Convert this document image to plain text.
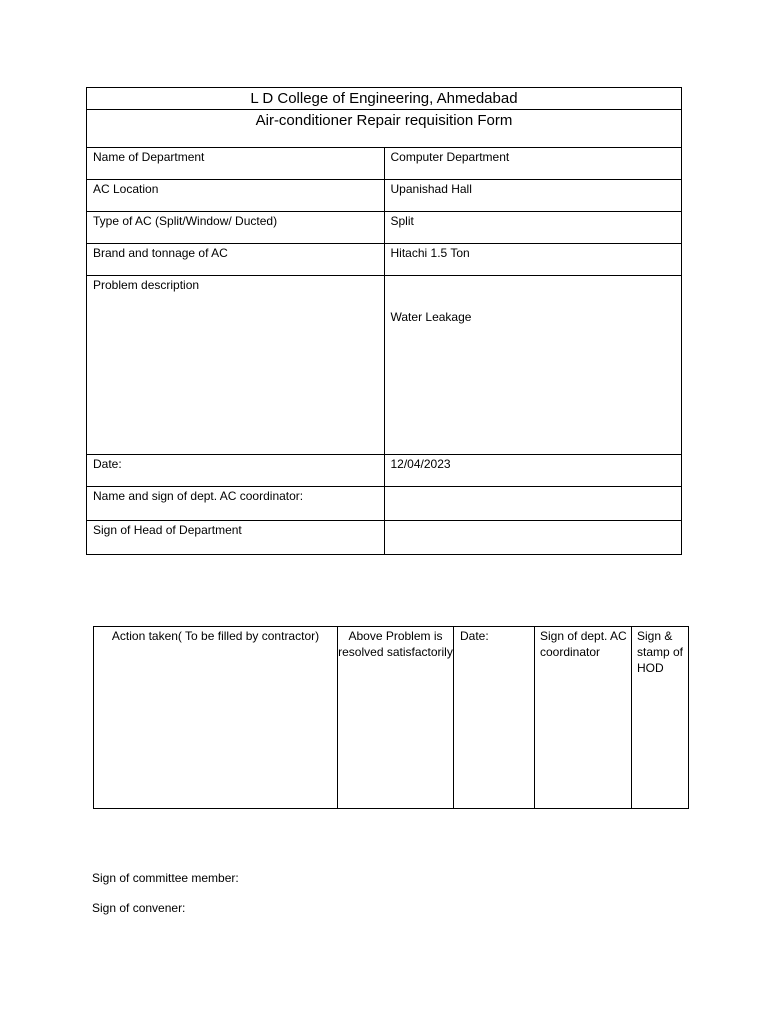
L D College of Engineering, Ahmedabad	
Air-conditioner Repair requisition Form	
Name of Department	Computer Department
AC Location	Upanishad Hall
Type of AC (Split/Window/ Ducted)	Split
Brand and tonnage of AC	Hitachi 1.5 Ton
Problem description	Water Leakage
Date:	12/04/2023
Name and sign of dept. AC coordinator:	
Sign of Head of Department	
Action taken( To be filled by contractor)	Above Problem is resolved satisfactorily	Date:	Sign of dept. AC coordinator	Sign & stamp of HOD
Sign of committee member:
Sign of convener:
